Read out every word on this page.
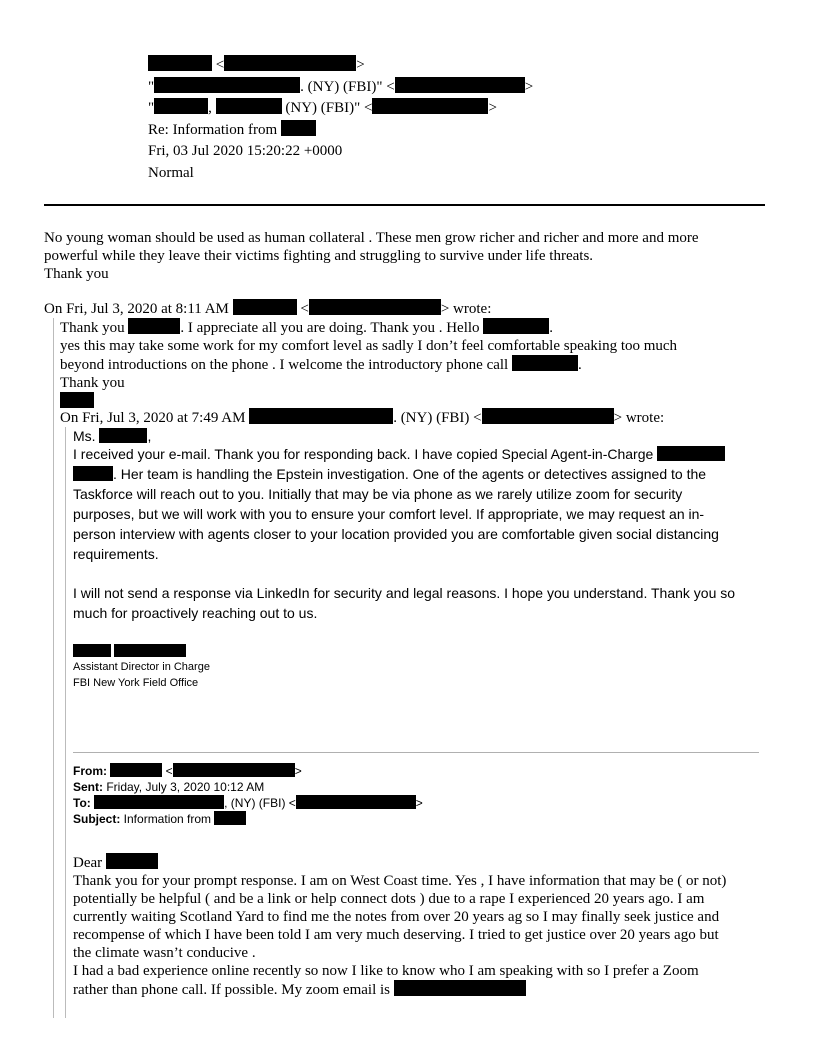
<	>
"	. (NY) (FBI)" <	>
"	,	(NY) (FBI)" <	>
Re: Information from
Fri, 03 Jul 2020 15:20:22 +0000
Normal
No young woman should be used as human collateral . These men grow richer and richer and more and more
powerful while they leave their victims fighting and struggling to survive under life threats.
Thank you
On Fri, Jul 3, 2020 at 8:11 AM	<	> wrote:
Thank you	. I appreciate all you are doing. Thank you . Hello	.
yes this may take some work for my comfort level as sadly I don’t feel comfortable speaking too much
beyond introductions on the phone . I welcome the introductory phone call	.
Thank you
On Fri, Jul 3, 2020 at 7:49 AM	. (NY) (FBI) <	> wrote:
Ms.	,
I received your e-mail. Thank you for responding back. I have copied Special Agent-in-Charge
. Her team is handling the Epstein investigation. One of the agents or detectives assigned to the
Taskforce will reach out to you. Initially that may be via phone as we rarely utilize zoom for security
purposes, but we will work with you to ensure your comfort level. If appropriate, we may request an in-
person interview with agents closer to your location provided you are comfortable given social distancing
requirements.
I will not send a response via LinkedIn for security and legal reasons. I hope you understand. Thank you so
much for proactively reaching out to us.

Assistant Director in Charge
FBI New York Field Office
From:	<	>
Sent: Friday, July 3, 2020 10:12 AM
To:	, (NY) (FBI) <	>
Subject: Information from
Dear
Thank you for your prompt response. I am on West Coast time. Yes , I have information that may be ( or not)
potentially be helpful ( and be a link or help connect dots ) due to a rape I experienced 20 years ago. I am
currently waiting Scotland Yard to find me the notes from over 20 years ag so I may finally seek justice and
recompense of which I have been told I am very much deserving. I tried to get justice over 20 years ago but
the climate wasn’t conducive .
I had a bad experience online recently so now I like to know who I am speaking with so I prefer a Zoom
rather than phone call. If possible. My zoom email is
